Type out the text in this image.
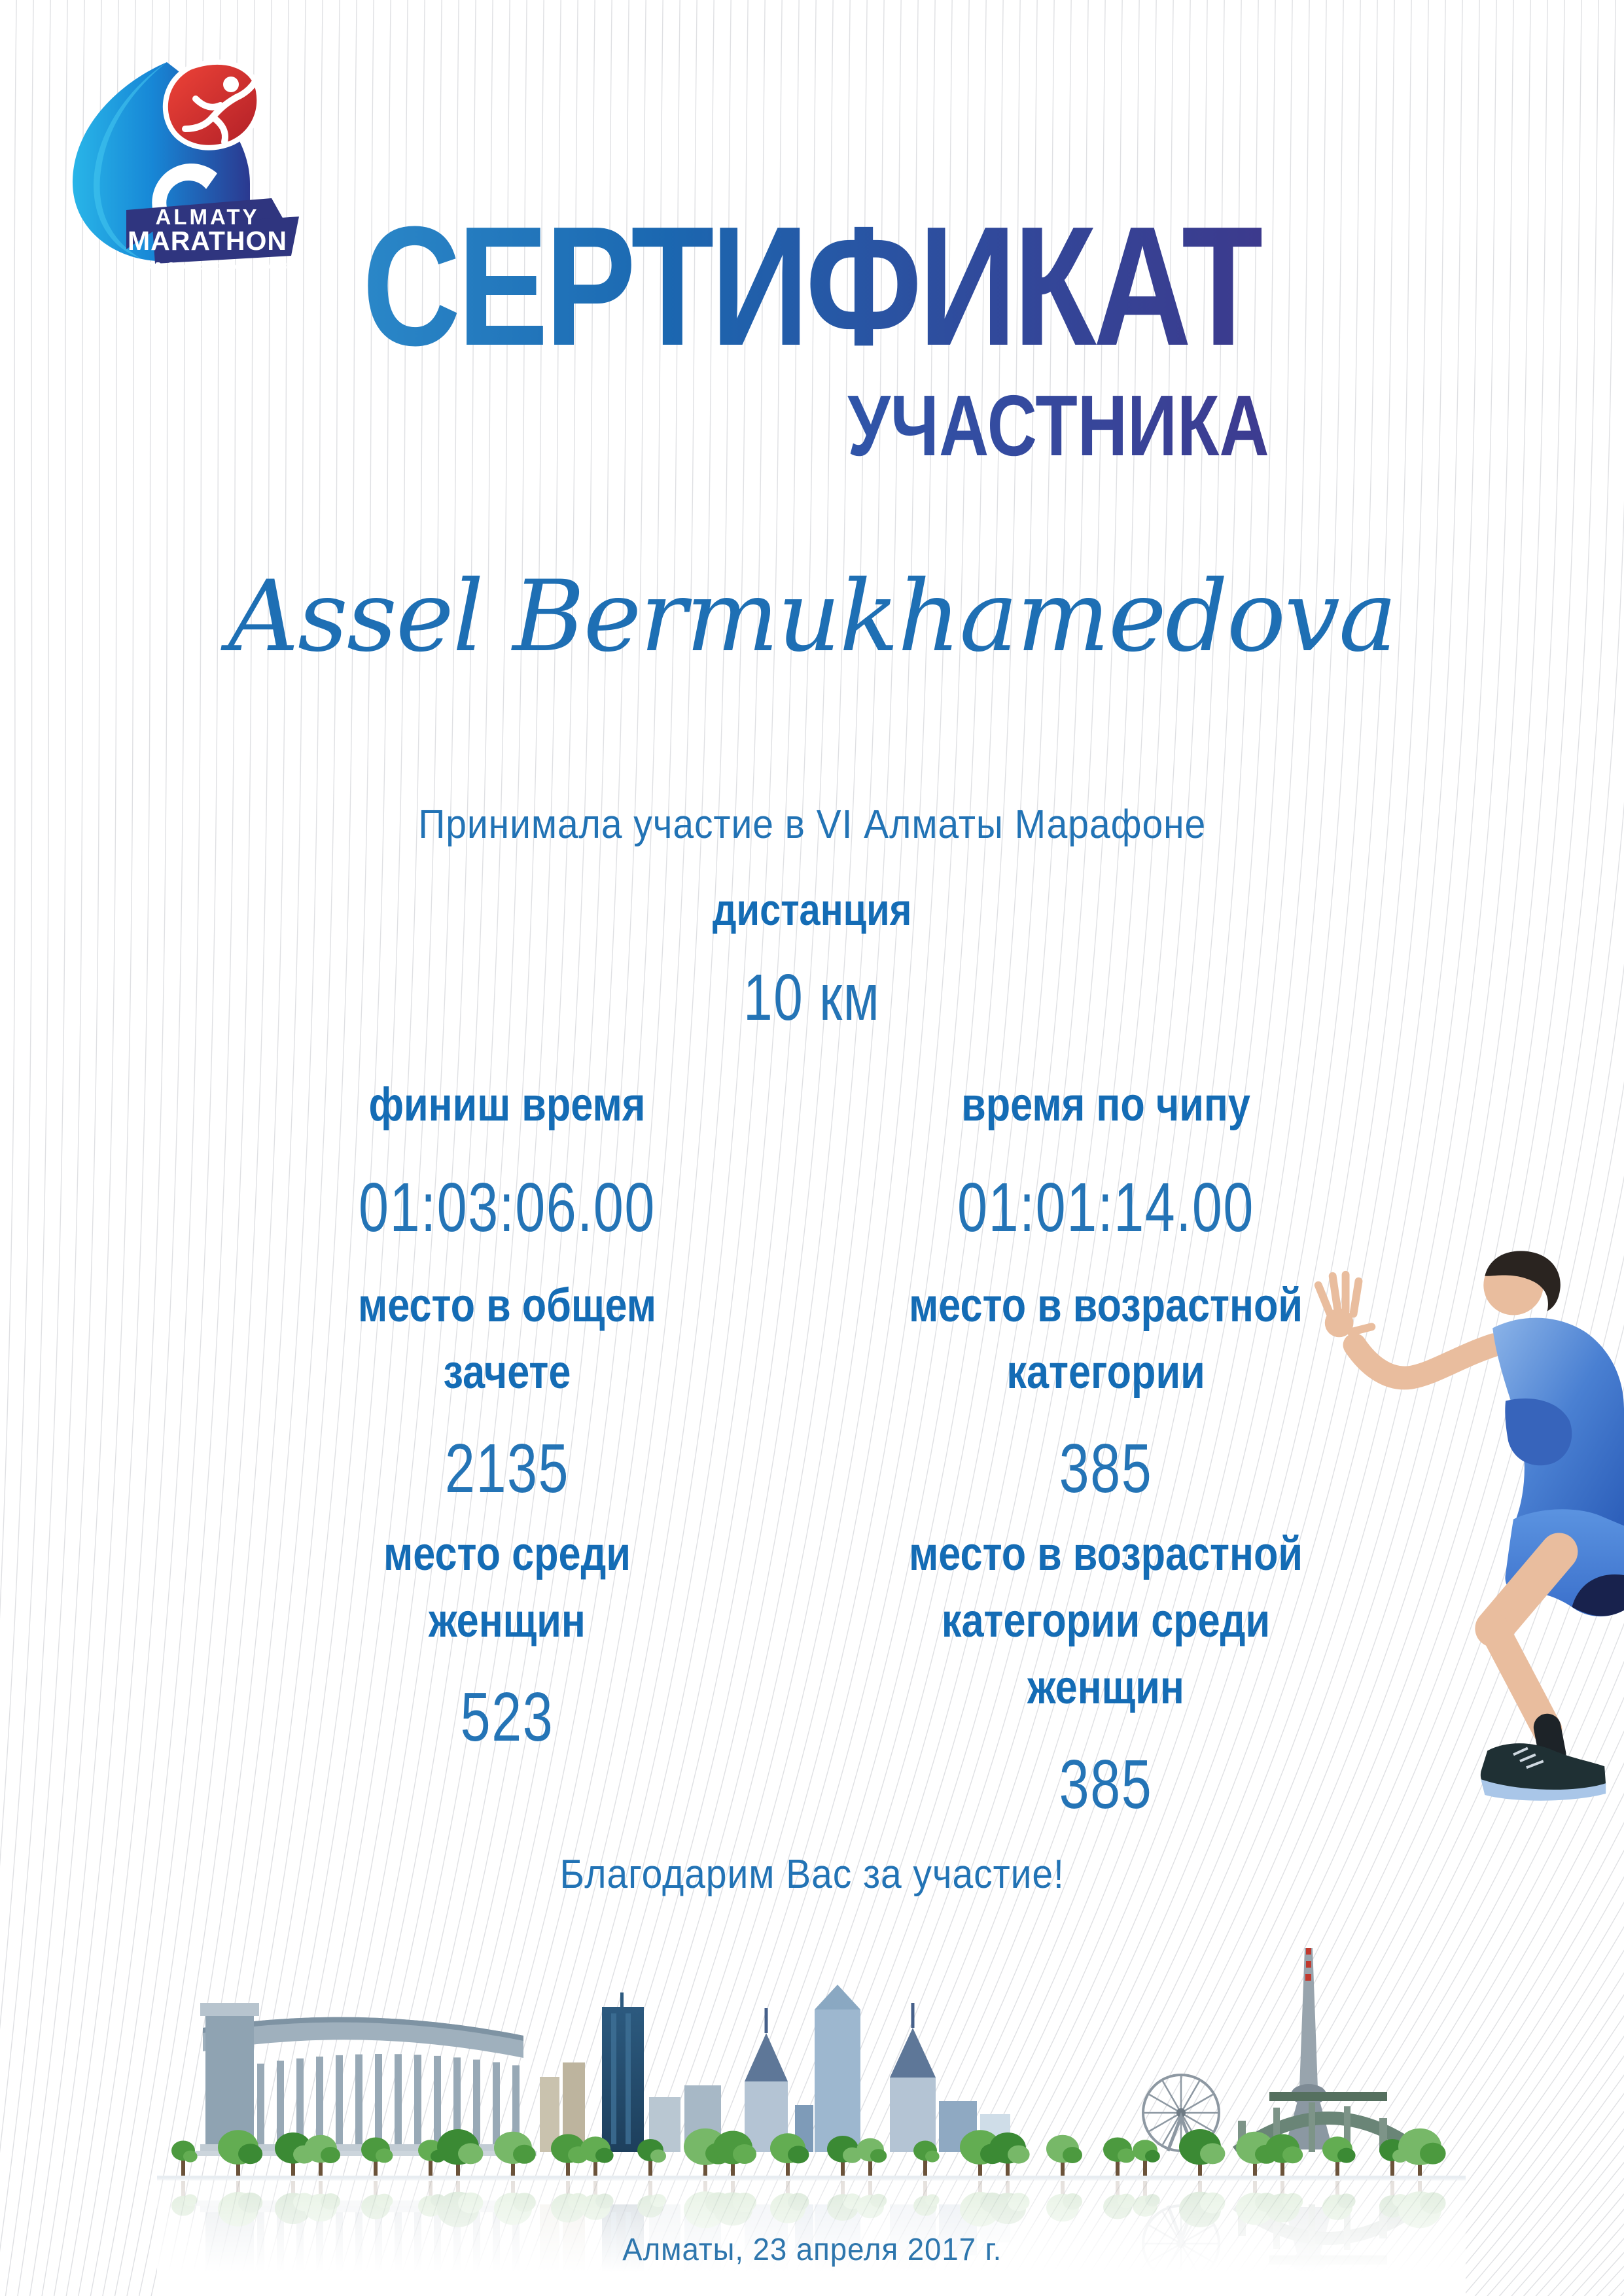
ALMATY
MARATHON
42.2 ★ 21.1 ★ 10 ★ 3 СЕРТИФИКАТ
УЧАСТНИКА
Assel Bermukhamedova
Принимала участие в VI Алматы Марафоне
дистанция
10 км
финиш время
01:03:06.00
время по чипу
01:01:14.00
место в общем зачете
2135
место в возрастной категории
385
место среди женщин
523
место в возрастной категории среди женщин
385
Благодарим Вас за участие!
Алматы, 23 апреля 2017 г.
